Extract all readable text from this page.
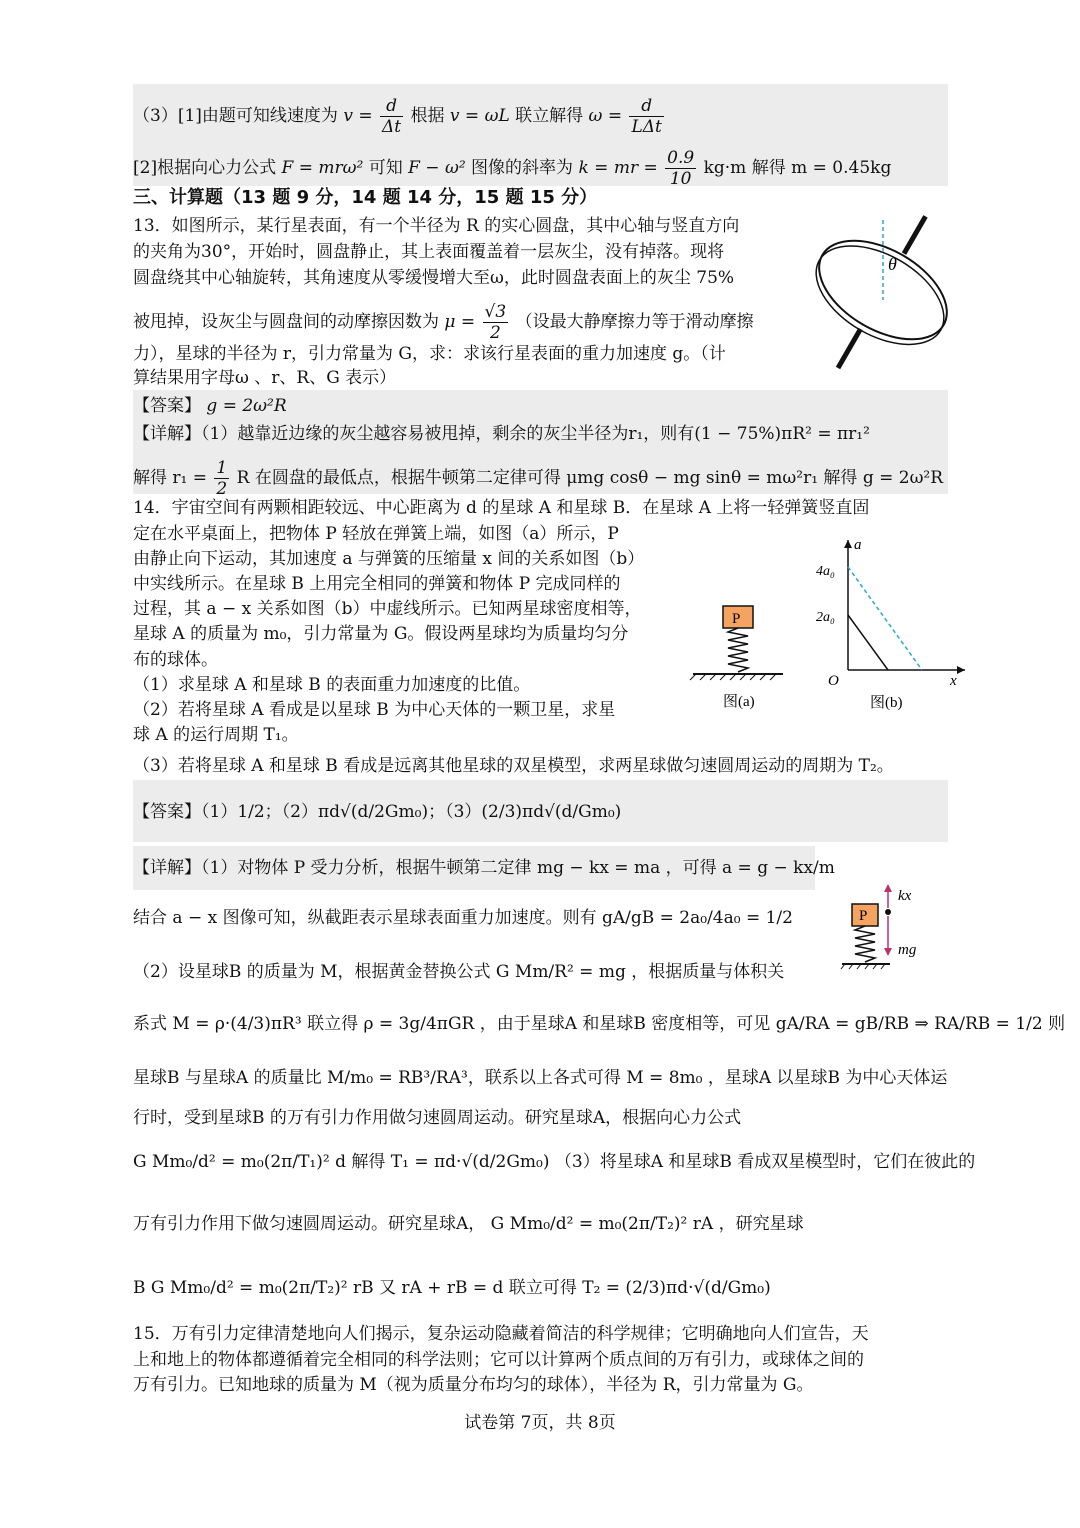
（3）[1]由题可知线速度为 $v = \frac{d}{\Delta t}$ 根据 v = ωL 联立解得 $\omega = \frac{d}{\text{LΔt}}$
[2]根据向心力公式 F = mrω² 可知 F − ω² 图像的斜率为 k = mr = $\frac{0.9}{10} kg\cdot m$ 解得 m = 0.45kg
三、计算题（13 题 9 分，14 题 14 分，15 题 15 分）
13．如图所示，某行星表面，有一个半径为 R 的实心圆盘，其中心轴与竖直方向
的夹角为30°，开始时，圆盘静止，其上表面覆盖着一层灰尘，没有掉落。现将
圆盘绕其中心轴旋转，其角速度从零缓慢增大至ω，此时圆盘表面上的灰尘 75%
被甩掉，设灰尘与圆盘间的动摩擦因数为 $\mu = \frac{√3}{2}$ （设最大静摩擦力等于滑动摩擦
力），星球的半径为 r，引力常量为 G，求：求该行星表面的重力加速度 g。（计
算结果用字母ω 、r、R、G 表示）
θ
【答案】 g = 2ω²R
【详解】（1）越靠近边缘的灰尘越容易被甩掉，剩余的灰尘半径为r₁，则有(1 − 75%)πR² = πr₁²
解得 $r_1 = \frac{1}{2}$ R 在圆盘的最低点，根据牛顿第二定律可得 μmg cosθ − mg sinθ = mω²r₁ 解得 g = 2ω²R
14．宇宙空间有两颗相距较远、中心距离为 d 的星球 A 和星球 B．在星球 A 上将一轻弹簧竖直固
定在水平桌面上，把物体 P 轻放在弹簧上端，如图（a）所示，P
由静止向下运动，其加速度 a 与弹簧的压缩量 x 间的关系如图（b）
中实线所示。在星球 B 上用完全相同的弹簧和物体 P 完成同样的
过程，其 a − x 关系如图（b）中虚线所示。已知两星球密度相等，
星球 A 的质量为 m₀，引力常量为 G。假设两星球均为质量均匀分
布的球体。
（1）求星球 A 和星球 B 的表面重力加速度的比值。
（2）若将星球 A 看成是以星球 B 为中心天体的一颗卫星，求星
球 A 的运行周期 T₁。
（3）若将星球 A 和星球 B 看成是远离其他星球的双星模型，求两星球做匀速圆周运动的周期为 T₂。
P
图(a)
a
x
O
4a₀
2a₀
图(b)
【答案】（1）1/2；（2）πd√(d/2Gm₀)；（3）(2/3)πd√(d/Gm₀)
【详解】（1）对物体 P 受力分析，根据牛顿第二定律 mg − kx = ma ，可得 a = g − kx/m
结合 a − x 图像可知，纵截距表示星球表面重力加速度。则有 gA/gB = 2a₀/4a₀ = 1/2
（2）设星球B 的质量为 M，根据黄金替换公式 G Mm/R² = mg ，根据质量与体积关
系式 M = ρ·(4/3)πR³ 联立得 ρ = 3g/4πGR ，由于星球A 和星球B 密度相等，可见 gA/RA = gB/RB ⇒ RA/RB = 1/2 则
星球B 与星球A 的质量比 M/m₀ = RB³/RA³，联系以上各式可得 M = 8m₀ ，星球A 以星球B 为中心天体运
行时，受到星球B 的万有引力作用做匀速圆周运动。研究星球A，根据向心力公式
G Mm₀/d² = m₀(2π/T₁)² d 解得 T₁ = πd·√(d/2Gm₀) （3）将星球A 和星球B 看成双星模型时，它们在彼此的
万有引力作用下做匀速圆周运动。研究星球A， G Mm₀/d² = m₀(2π/T₂)² rA ，研究星球
B G Mm₀/d² = m₀(2π/T₂)² rB 又 rA + rB = d 联立可得 T₂ = (2/3)πd·√(d/Gm₀)
P
kx
mg
15．万有引力定律清楚地向人们揭示，复杂运动隐藏着简洁的科学规律；它明确地向人们宣告，天
上和地上的物体都遵循着完全相同的科学法则；它可以计算两个质点间的万有引力，或球体之间的
万有引力。已知地球的质量为 M（视为质量分布均匀的球体），半径为 R，引力常量为 G。
试卷第 7页，共 8页
